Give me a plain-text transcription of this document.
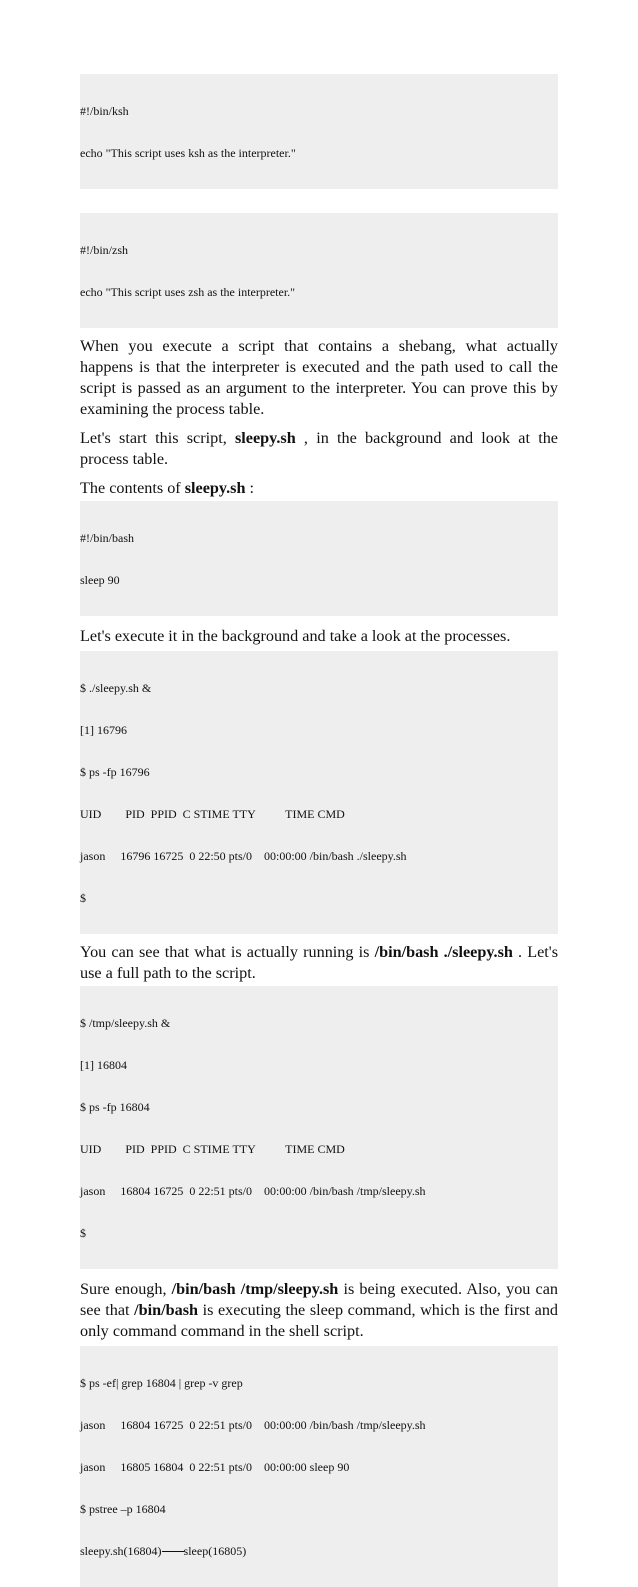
#!/bin/ksh

echo "This script uses ksh as the interpreter."

#!/bin/zsh

echo "This script uses zsh as the interpreter."

When you execute a script that contains a shebang, what actually happens is that the interpreter is executed and the path used to call the script is passed as an argument to the interpreter. You can prove this by examining the process table.

Let's start this script, sleepy.sh , in the background and look at the process table.

The contents of sleepy.sh :

#!/bin/bash

sleep 90

Let's execute it in the background and take a look at the processes.

$ ./sleepy.sh &

[1] 16796

$ ps -fp 16796

UID        PID  PPID  C STIME TTY          TIME CMD

jason     16796 16725  0 22:50 pts/0    00:00:00 /bin/bash ./sleepy.sh

$

You can see that what is actually running is /bin/bash ./sleepy.sh . Let's use a full path to the script.

$ /tmp/sleepy.sh &

[1] 16804

$ ps -fp 16804

UID        PID  PPID  C STIME TTY          TIME CMD

jason     16804 16725  0 22:51 pts/0    00:00:00 /bin/bash /tmp/sleepy.sh

$

Sure enough, /bin/bash /tmp/sleepy.sh is being executed. Also, you can see that /bin/bash is executing the sleep command, which is the first and only command command in the shell script.

$ ps -ef| grep 16804 | grep -v grep

jason     16804 16725  0 22:51 pts/0    00:00:00 /bin/bash /tmp/sleepy.sh

jason     16805 16804  0 22:51 pts/0    00:00:00 sleep 90

$ pstree –p 16804

sleepy.sh(16804) sleep(16805)
